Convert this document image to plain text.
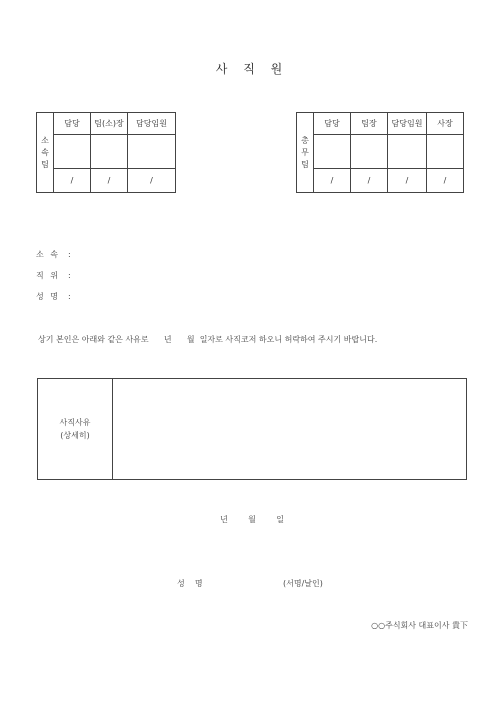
사 직 원
소
속
팀	담당	팀(소)장	담당임원

	/	/	/
총
무
팀	담당	팀장	담당임원	사장

	/	/	/	/
소 속 :
직 위 :
성 명 :
상기 본인은 아래와 같은 사유로      년      월  일자로 사직코저 하오니 허락하여 주시기 바랍니다.
사직사유
(상세히)
년        월        일
성    명	(서명/날인)
○○주식회사 대표이사 貴下
